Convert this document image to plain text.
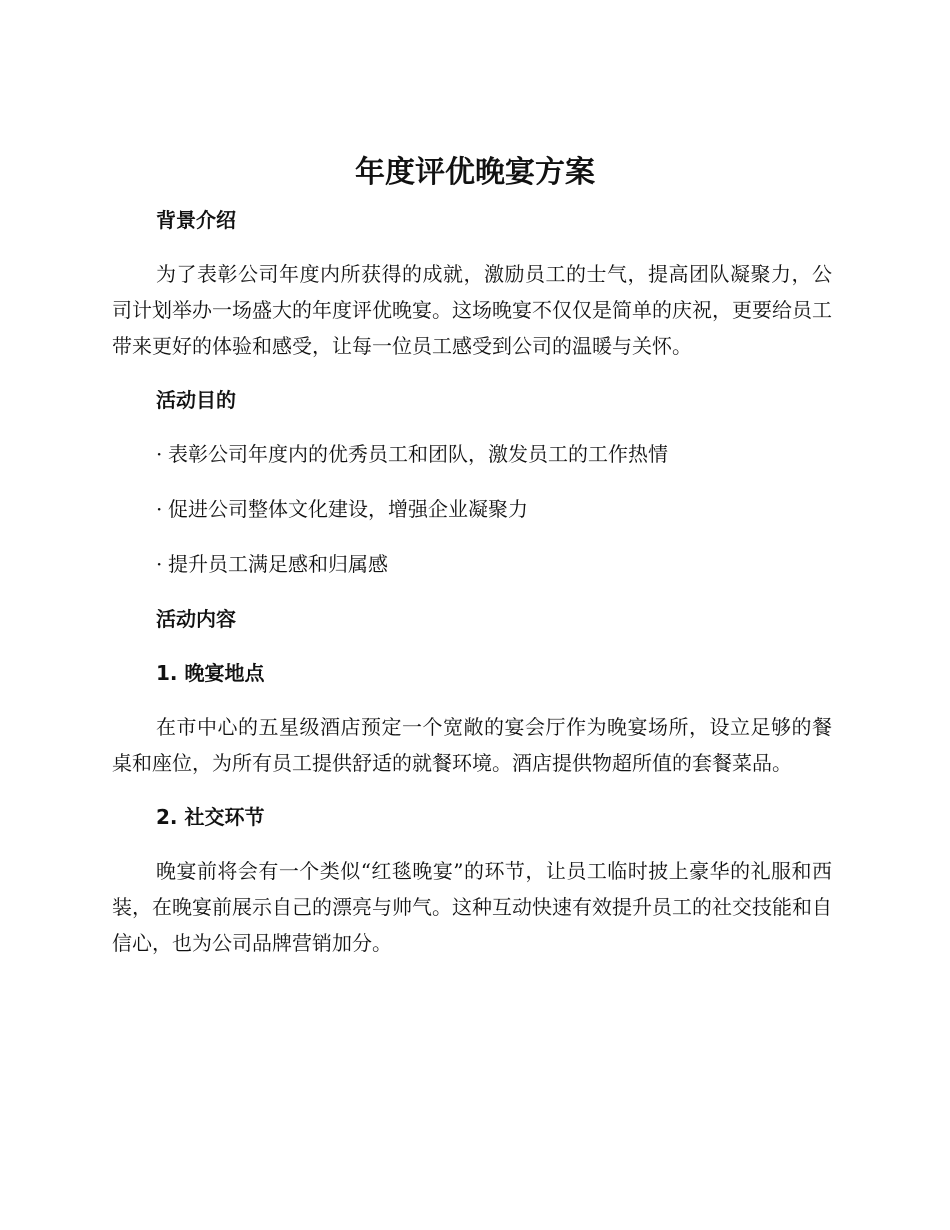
年度评优晚宴方案
背景介绍

为了表彰公司年度内所获得的成就，激励员工的士气，提高团队凝聚力，公司计划举办一场盛大的年度评优晚宴。这场晚宴不仅仅是简单的庆祝，更要给员工带来更好的体验和感受，让每一位员工感受到公司的温暖与关怀。

活动目的
· 表彰公司年度内的优秀员工和团队，激发员工的工作热情
· 促进公司整体文化建设，增强企业凝聚力
· 提升员工满足感和归属感
活动内容
1. 晚宴地点

在市中心的五星级酒店预定一个宽敞的宴会厅作为晚宴场所，设立足够的餐桌和座位，为所有员工提供舒适的就餐环境。酒店提供物超所值的套餐菜品。

2. 社交环节

晚宴前将会有一个类似“红毯晚宴”的环节，让员工临时披上豪华的礼服和西装，在晚宴前展示自己的漂亮与帅气。这种互动快速有效提升员工的社交技能和自信心，也为公司品牌营销加分。
